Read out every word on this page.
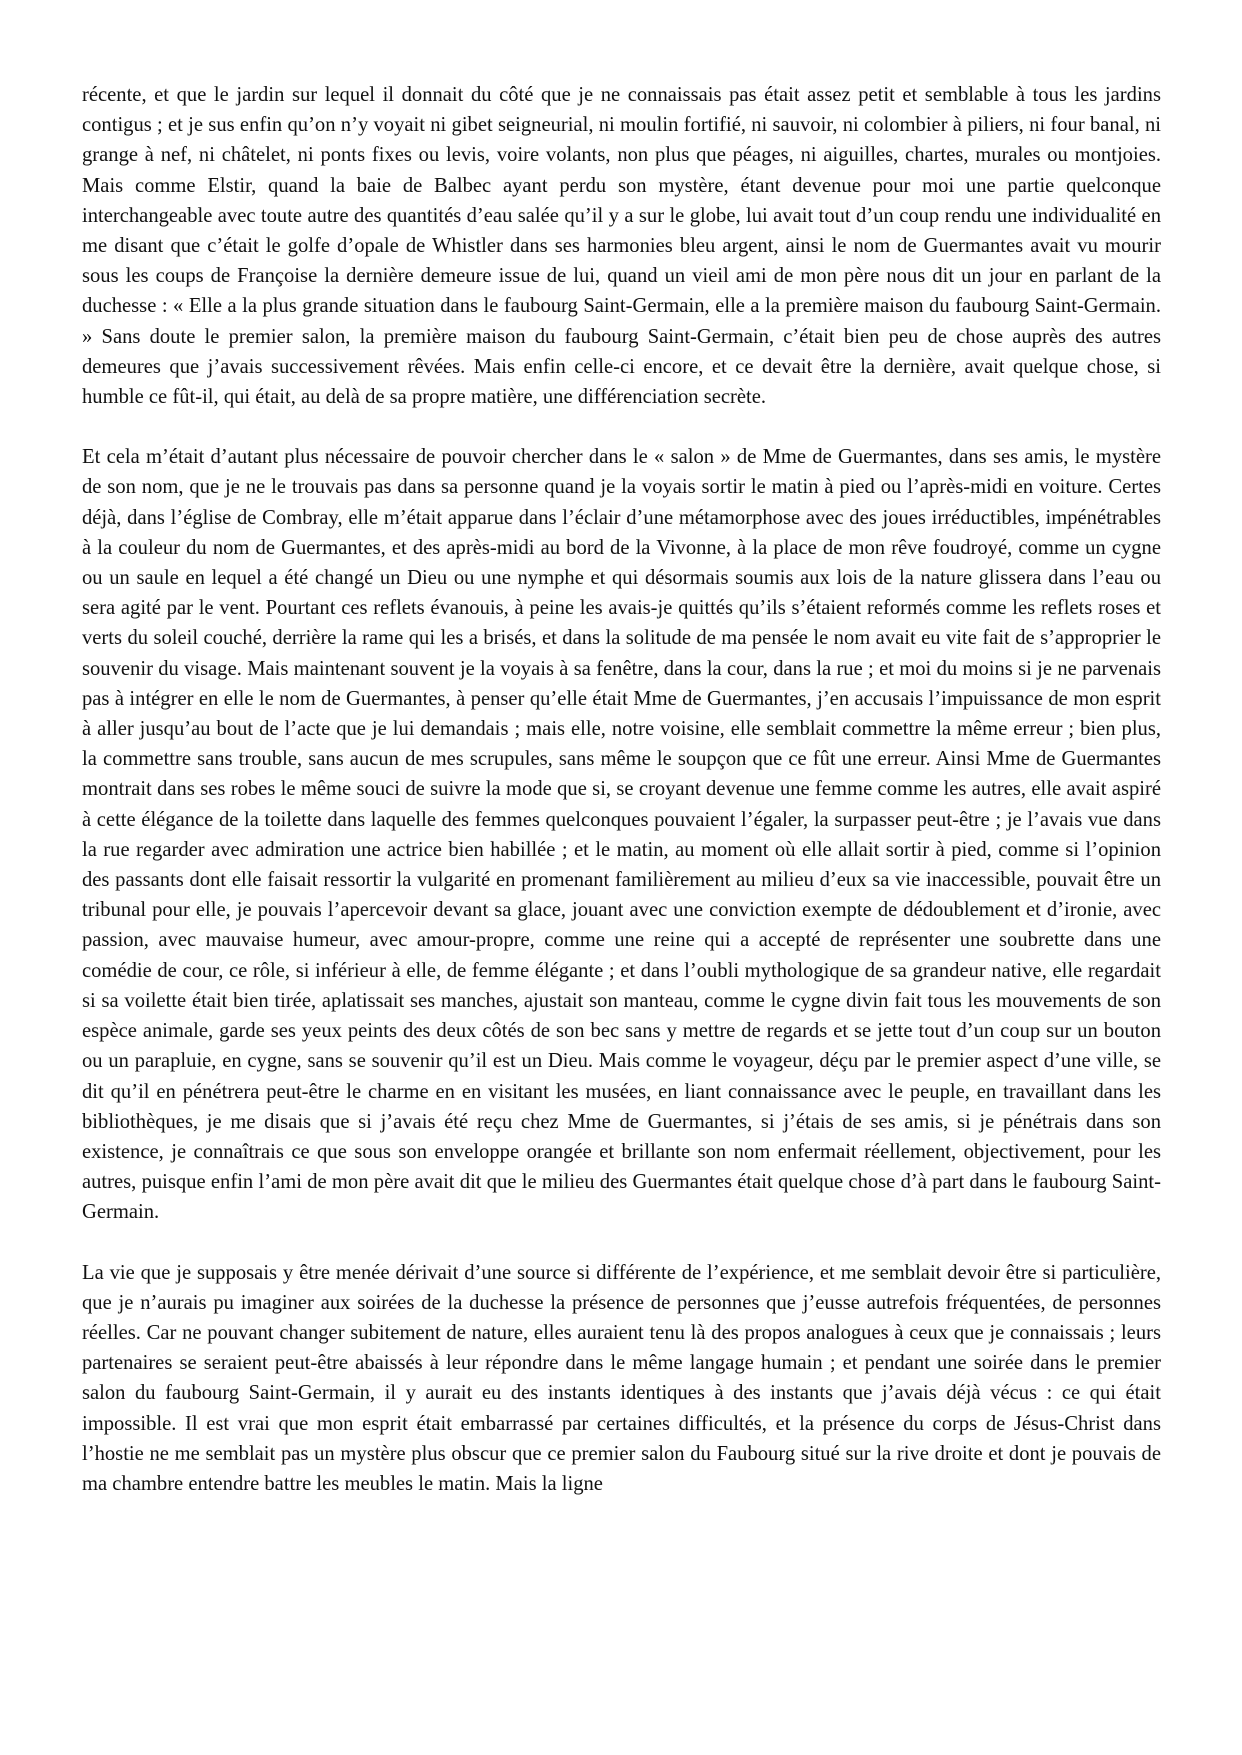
récente, et que le jardin sur lequel il donnait du côté que je ne connaissais pas était assez petit et semblable à tous les jardins contigus ; et je sus enfin qu’on n’y voyait ni gibet seigneurial, ni moulin fortifié, ni sauvoir, ni colombier à piliers, ni four banal, ni grange à nef, ni châtelet, ni ponts fixes ou levis, voire volants, non plus que péages, ni aiguilles, chartes, murales ou montjoies. Mais comme Elstir, quand la baie de Balbec ayant perdu son mystère, étant devenue pour moi une partie quelconque interchangeable avec toute autre des quantités d’eau salée qu’il y a sur le globe, lui avait tout d’un coup rendu une individualité en me disant que c’était le golfe d’opale de Whistler dans ses harmonies bleu argent, ainsi le nom de Guermantes avait vu mourir sous les coups de Françoise la dernière demeure issue de lui, quand un vieil ami de mon père nous dit un jour en parlant de la duchesse : « Elle a la plus grande situation dans le faubourg Saint-Germain, elle a la première maison du faubourg Saint-Germain. » Sans doute le premier salon, la première maison du faubourg Saint-Germain, c’était bien peu de chose auprès des autres demeures que j’avais successivement rêvées. Mais enfin celle-ci encore, et ce devait être la dernière, avait quelque chose, si humble ce fût-il, qui était, au delà de sa propre matière, une différenciation secrète.

Et cela m’était d’autant plus nécessaire de pouvoir chercher dans le « salon » de Mme de Guermantes, dans ses amis, le mystère de son nom, que je ne le trouvais pas dans sa personne quand je la voyais sortir le matin à pied ou l’après-midi en voiture. Certes déjà, dans l’église de Combray, elle m’était apparue dans l’éclair d’une métamorphose avec des joues irréductibles, impénétrables à la couleur du nom de Guermantes, et des après-midi au bord de la Vivonne, à la place de mon rêve foudroyé, comme un cygne ou un saule en lequel a été changé un Dieu ou une nymphe et qui désormais soumis aux lois de la nature glissera dans l’eau ou sera agité par le vent. Pourtant ces reflets évanouis, à peine les avais-je quittés qu’ils s’étaient reformés comme les reflets roses et verts du soleil couché, derrière la rame qui les a brisés, et dans la solitude de ma pensée le nom avait eu vite fait de s’approprier le souvenir du visage. Mais maintenant souvent je la voyais à sa fenêtre, dans la cour, dans la rue ; et moi du moins si je ne parvenais pas à intégrer en elle le nom de Guermantes, à penser qu’elle était Mme de Guermantes, j’en accusais l’impuissance de mon esprit à aller jusqu’au bout de l’acte que je lui demandais ; mais elle, notre voisine, elle semblait commettre la même erreur ; bien plus, la commettre sans trouble, sans aucun de mes scrupules, sans même le soupçon que ce fût une erreur. Ainsi Mme de Guermantes montrait dans ses robes le même souci de suivre la mode que si, se croyant devenue une femme comme les autres, elle avait aspiré à cette élégance de la toilette dans laquelle des femmes quelconques pouvaient l’égaler, la surpasser peut-être ; je l’avais vue dans la rue regarder avec admiration une actrice bien habillée ; et le matin, au moment où elle allait sortir à pied, comme si l’opinion des passants dont elle faisait ressortir la vulgarité en promenant familièrement au milieu d’eux sa vie inaccessible, pouvait être un tribunal pour elle, je pouvais l’apercevoir devant sa glace, jouant avec une conviction exempte de dédoublement et d’ironie, avec passion, avec mauvaise humeur, avec amour-propre, comme une reine qui a accepté de représenter une soubrette dans une comédie de cour, ce rôle, si inférieur à elle, de femme élégante ; et dans l’oubli mythologique de sa grandeur native, elle regardait si sa voilette était bien tirée, aplatissait ses manches, ajustait son manteau, comme le cygne divin fait tous les mouvements de son espèce animale, garde ses yeux peints des deux côtés de son bec sans y mettre de regards et se jette tout d’un coup sur un bouton ou un parapluie, en cygne, sans se souvenir qu’il est un Dieu. Mais comme le voyageur, déçu par le premier aspect d’une ville, se dit qu’il en pénétrera peut-être le charme en en visitant les musées, en liant connaissance avec le peuple, en travaillant dans les bibliothèques, je me disais que si j’avais été reçu chez Mme de Guermantes, si j’étais de ses amis, si je pénétrais dans son existence, je connaîtrais ce que sous son enveloppe orangée et brillante son nom enfermait réellement, objectivement, pour les autres, puisque enfin l’ami de mon père avait dit que le milieu des Guermantes était quelque chose d’à part dans le faubourg Saint-Germain.

La vie que je supposais y être menée dérivait d’une source si différente de l’expérience, et me semblait devoir être si particulière, que je n’aurais pu imaginer aux soirées de la duchesse la présence de personnes que j’eusse autrefois fréquentées, de personnes réelles. Car ne pouvant changer subitement de nature, elles auraient tenu là des propos analogues à ceux que je connaissais ; leurs partenaires se seraient peut-être abaissés à leur répondre dans le même langage humain ; et pendant une soirée dans le premier salon du faubourg Saint-Germain, il y aurait eu des instants identiques à des instants que j’avais déjà vécus : ce qui était impossible. Il est vrai que mon esprit était embarrassé par certaines difficultés, et la présence du corps de Jésus-Christ dans l’hostie ne me semblait pas un mystère plus obscur que ce premier salon du Faubourg situé sur la rive droite et dont je pouvais de ma chambre entendre battre les meubles le matin. Mais la ligne
